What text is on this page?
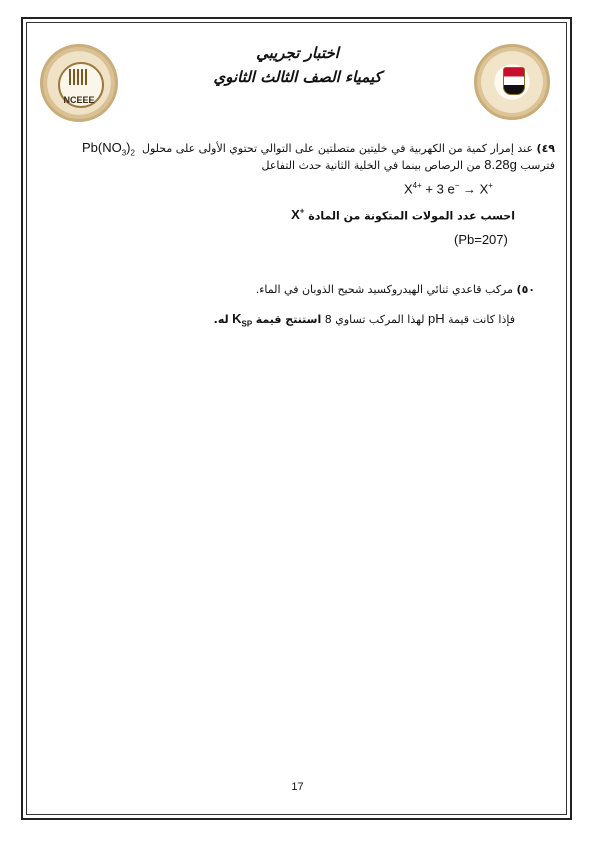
NCEEE
اختبار تجريبي
كيمياء الصف الثالث الثانوي
٤٩) عند إمرار كمية من الكهربية في خليتين متصلتين على التوالي تحتوي الأولى على محلول  $Pb(NO_3)_2$
فترسب 8.28g من الرصاص بينما في الخلية الثانية حدث التفاعل
$X^{4+} + 3$ e− → X+
احسب عدد المولات المتكونة من المادة X+
(Pb=207)
٥٠) مركب قاعدي ثنائي الهيدروكسيد شحيح الذوبان في الماء.
فإذا كانت قيمة pH لهذا المركب تساوي 8 استنتج قيمة $K_{SP}$ له.
17
